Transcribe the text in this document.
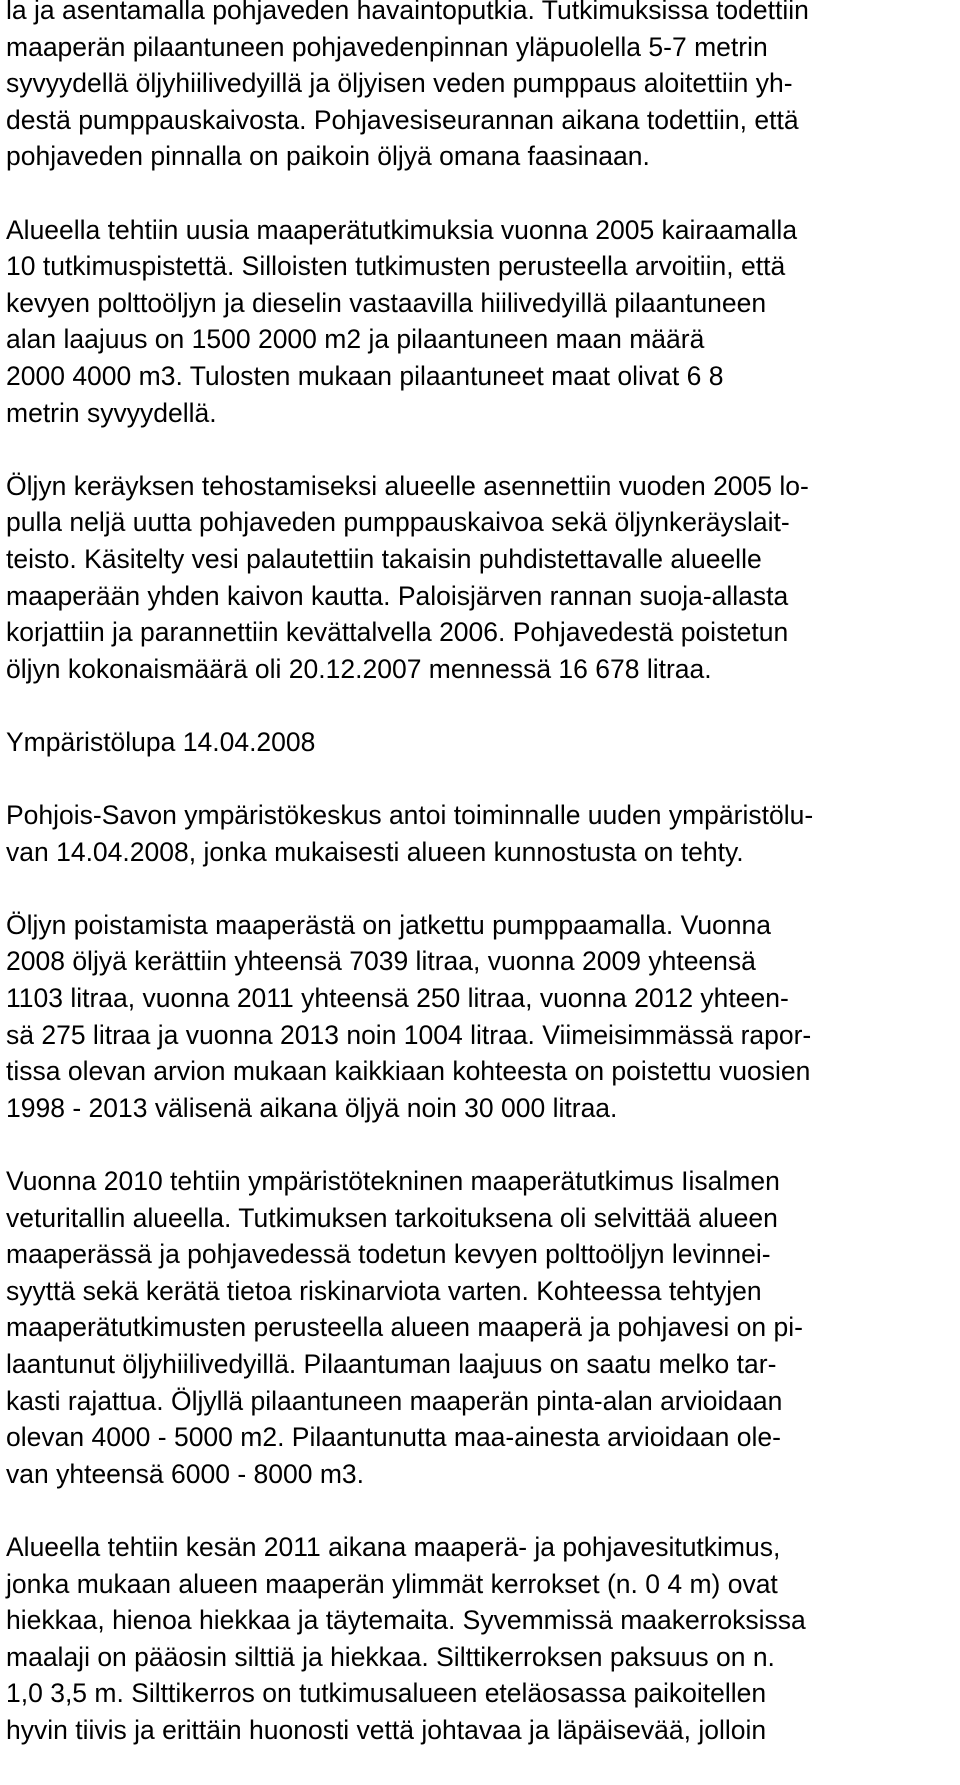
la ja asentamalla pohjaveden havaintoputkia. Tutkimuksissa todettiin
maaperän pilaantuneen pohjavedenpinnan yläpuolella 5-7 metrin
syvyydellä öljyhiilivedyillä ja öljyisen veden pumppaus aloitettiin yh-
destä pumppauskaivosta. Pohjavesiseurannan aikana todettiin, että
pohjaveden pinnalla on paikoin öljyä omana faasinaan.
Alueella tehtiin uusia maaperätutkimuksia vuonna 2005 kairaamalla
10 tutkimuspistettä. Silloisten tutkimusten perusteella arvoitiin, että
kevyen polttoöljyn ja dieselin vastaavilla hiilivedyillä pilaantuneen
alan laajuus on 1500 2000 m2 ja pilaantuneen maan määrä
2000 4000 m3. Tulosten mukaan pilaantuneet maat olivat 6 8
metrin syvyydellä.
Öljyn keräyksen tehostamiseksi alueelle asennettiin vuoden 2005 lo-
pulla neljä uutta pohjaveden pumppauskaivoa sekä öljynkeräyslait-
teisto. Käsitelty vesi palautettiin takaisin puhdistettavalle alueelle
maaperään yhden kaivon kautta. Paloisjärven rannan suoja-allasta
korjattiin ja parannettiin kevättalvella 2006. Pohjavedestä poistetun
öljyn kokonaismäärä oli 20.12.2007 mennessä 16 678 litraa.
Ympäristölupa 14.04.2008
Pohjois-Savon ympäristökeskus antoi toiminnalle uuden ympäristölu-
van 14.04.2008, jonka mukaisesti alueen kunnostusta on tehty.
Öljyn poistamista maaperästä on jatkettu pumppaamalla. Vuonna
2008 öljyä kerättiin yhteensä 7039 litraa, vuonna 2009 yhteensä
1103 litraa, vuonna 2011 yhteensä 250 litraa, vuonna 2012 yhteen-
sä 275 litraa ja vuonna 2013 noin 1004 litraa. Viimeisimmässä rapor-
tissa olevan arvion mukaan kaikkiaan kohteesta on poistettu vuosien
1998 - 2013 välisenä aikana öljyä noin 30 000 litraa.
Vuonna 2010 tehtiin ympäristötekninen maaperätutkimus Iisalmen
veturitallin alueella. Tutkimuksen tarkoituksena oli selvittää alueen
maaperässä ja pohjavedessä todetun kevyen polttoöljyn levinnei-
syyttä sekä kerätä tietoa riskinarviota varten. Kohteessa tehtyjen
maaperätutkimusten perusteella alueen maaperä ja pohjavesi on pi-
laantunut öljyhiilivedyillä. Pilaantuman laajuus on saatu melko tar-
kasti rajattua. Öljyllä pilaantuneen maaperän pinta-alan arvioidaan
olevan 4000 - 5000 m2. Pilaantunutta maa-ainesta arvioidaan ole-
van yhteensä 6000 - 8000 m3.
Alueella tehtiin kesän 2011 aikana maaperä- ja pohjavesitutkimus,
jonka mukaan alueen maaperän ylimmät kerrokset (n. 0 4 m) ovat
hiekkaa, hienoa hiekkaa ja täytemaita. Syvemmissä maakerroksissa
maalaji on pääosin silttiä ja hiekkaa. Silttikerroksen paksuus on n.
1,0 3,5 m. Silttikerros on tutkimusalueen eteläosassa paikoitellen
hyvin tiivis ja erittäin huonosti vettä johtavaa ja läpäisevää, jolloin
